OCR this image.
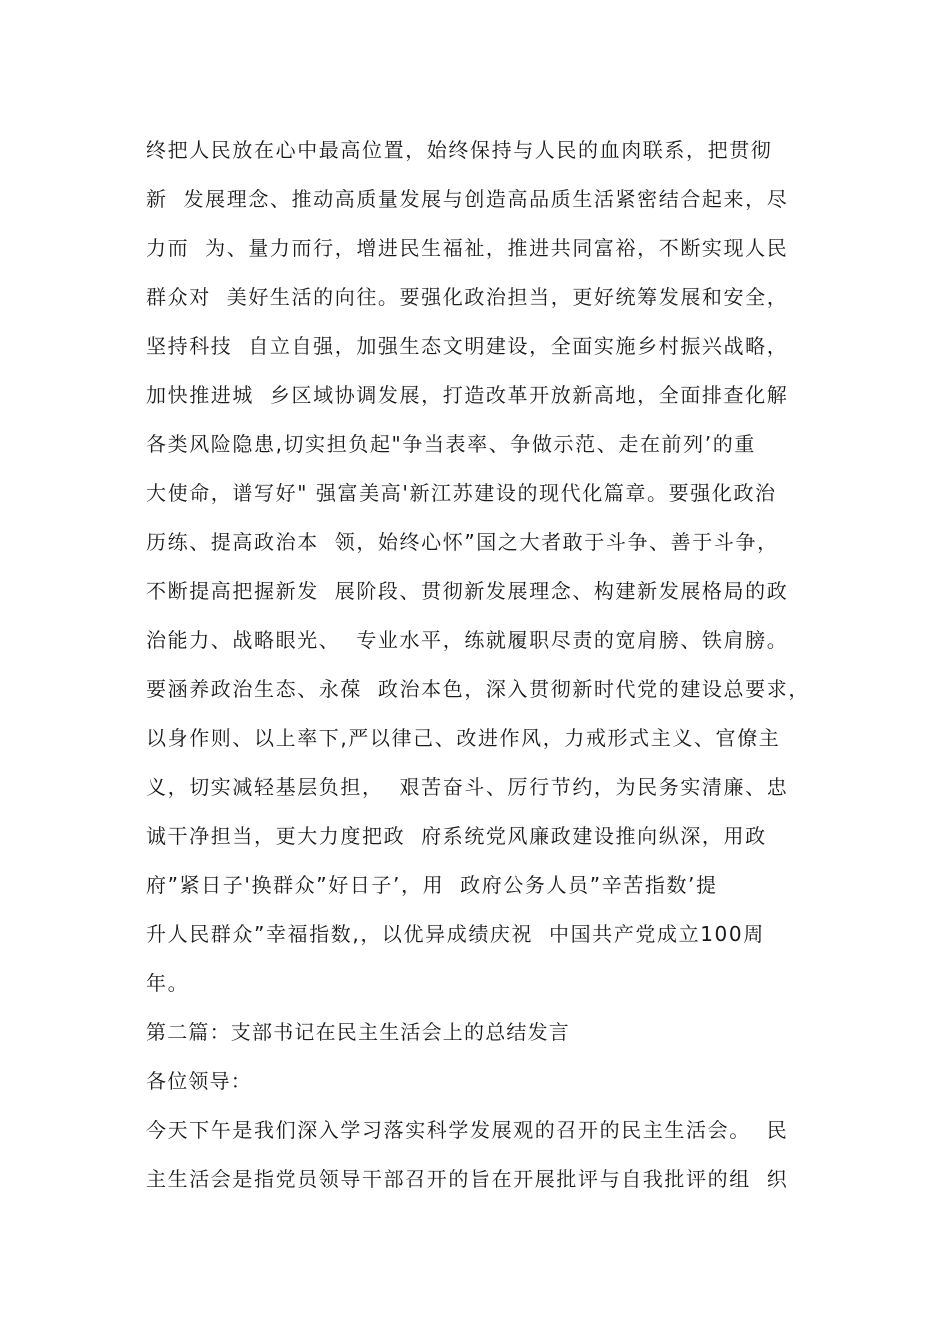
终把人民放在心中最高位置，始终保持与人民的血肉联系，把贯彻
新  发展理念、推动高质量发展与创造高品质生活紧密结合起来，尽
力而  为、量力而行，增进民生福祉，推进共同富裕，不断实现人民
群众对  美好生活的向往。要强化政治担当，更好统筹发展和安全，
坚持科技  自立自强，加强生态文明建设，全面实施乡村振兴战略，
加快推进城  乡区域协调发展，打造改革开放新高地，全面排查化解
各类风险隐患,切实担负起"争当表率、争做示范、走在前列’的重
大使命，谱写好" 强富美高'新江苏建设的现代化篇章。要强化政治
历练、提高政治本  领，始终心怀”国之大者敢于斗争、善于斗争，
不断提高把握新发  展阶段、贯彻新发展理念、构建新发展格局的政
治能力、战略眼光、  专业水平，练就履职尽责的宽肩膀、铁肩膀。
要涵养政治生态、永葆  政治本色，深入贯彻新时代党的建设总要求，
以身作则、以上率下,严以律己、改进作风，力戒形式主义、官僚主
义，切实减轻基层负担，  艰苦奋斗、厉行节约，为民务实清廉、忠
诚干净担当，更大力度把政  府系统党风廉政建设推向纵深，用政
府”紧日子'换群众”好日子’，用  政府公务人员”辛苦指数’提
升人民群众”幸福指数,，以优异成绩庆祝  中国共产党成立100周
年。
第二篇：支部书记在民主生活会上的总结发言
各位领导：
今天下午是我们深入学习落实科学发展观的召开的民主生活会。  民
主生活会是指党员领导干部召开的旨在开展批评与自我批评的组  织
